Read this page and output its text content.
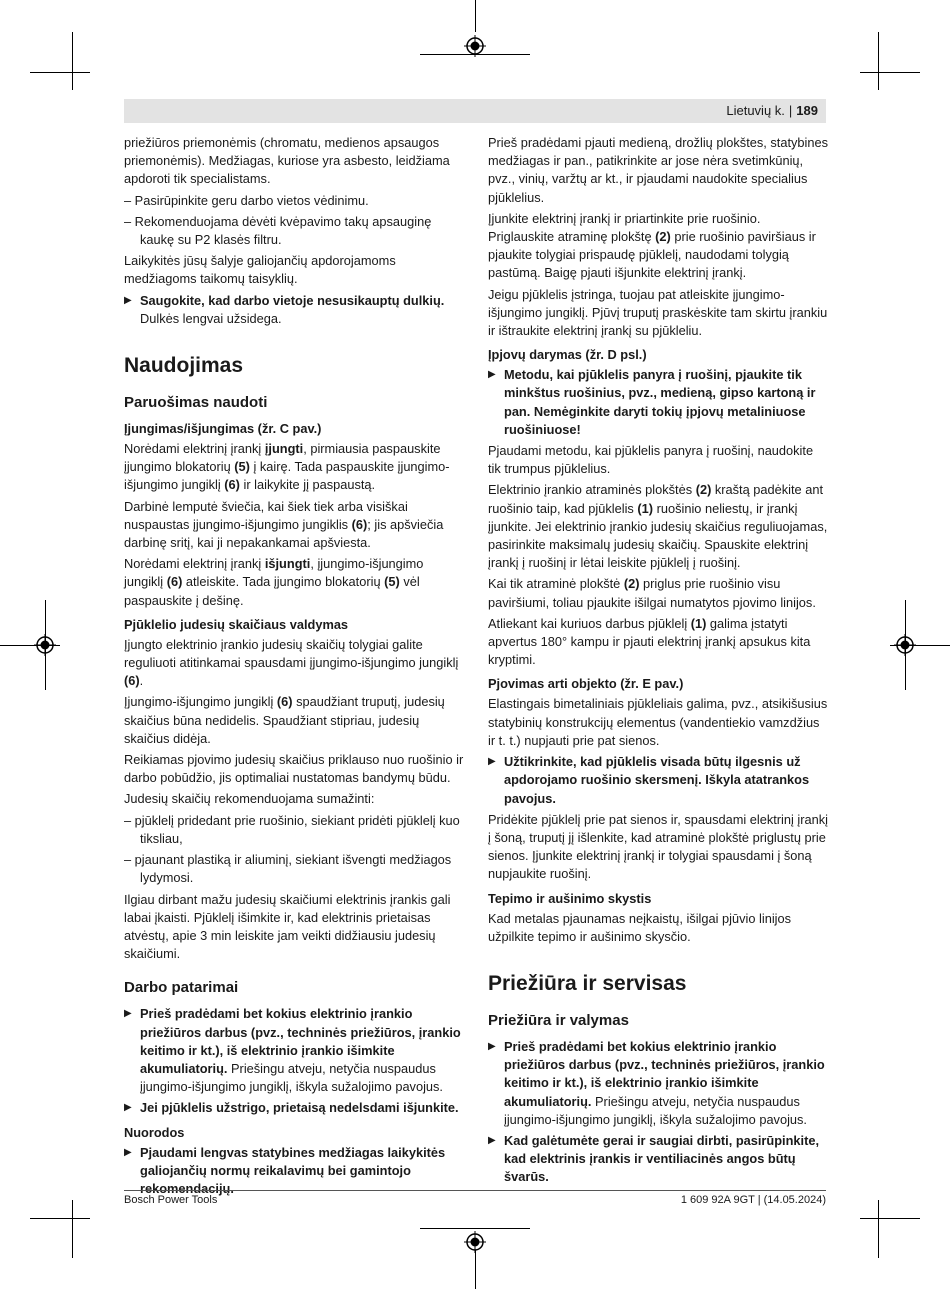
Lietuvių k. | 189

priežiūros priemonėmis (chromatu, medienos apsaugos priemonėmis). Medžiagas, kuriose yra asbesto, leidžiama apdoroti tik specialistams.

– Pasirūpinkite geru darbo vietos vėdinimu.

– Rekomenduojama dėvėti kvėpavimo takų apsauginę kaukę su P2 klasės filtru.

Laikykitės jūsų šalyje galiojančių apdorojamoms medžiagoms taikomų taisyklių.

▶ Saugokite, kad darbo vietoje nesusikauptų dulkių. Dulkės lengvai užsidega.

Naudojimas
Paruošimas naudoti
Įjungimas/išjungimas (žr. C pav.)

Norėdami elektrinį įrankį įjungti, pirmiausia paspauskite įjungimo blokatorių (5) į kairę. Tada paspauskite įjungimo-išjungimo jungiklį (6) ir laikykite jį paspaustą.

Darbinė lemputė šviečia, kai šiek tiek arba visiškai nuspaustas įjungimo-išjungimo jungiklis (6); jis apšviečia darbinę sritį, kai ji nepakankamai apšviesta.

Norėdami elektrinį įrankį išjungti, įjungimo-išjungimo jungiklį (6) atleiskite. Tada įjungimo blokatorių (5) vėl paspauskite į dešinę.

Pjūklelio judesių skaičiaus valdymas

Įjungto elektrinio įrankio judesių skaičių tolygiai galite reguliuoti atitinkamai spausdami įjungimo-išjungimo jungiklį (6).

Įjungimo-išjungimo jungiklį (6) spaudžiant truputį, judesių skaičius būna nedidelis. Spaudžiant stipriau, judesių skaičius didėja.

Reikiamas pjovimo judesių skaičius priklauso nuo ruošinio ir darbo pobūdžio, jis optimaliai nustatomas bandymų būdu.

Judesių skaičių rekomenduojama sumažinti:

– pjūklelį pridedant prie ruošinio, siekiant pridėti pjūklelį kuo tiksliau,

– pjaunant plastiką ir aliuminį, siekiant išvengti medžiagos lydymosi.

Ilgiau dirbant mažu judesių skaičiumi elektrinis įrankis gali labai įkaisti. Pjūklelį išimkite ir, kad elektrinis prietaisas atvėstų, apie 3 min leiskite jam veikti didžiausiu judesių skaičiumi.

Darbo patarimai

▶ Prieš pradėdami bet kokius elektrinio įrankio priežiūros darbus (pvz., techninės priežiūros, įrankio keitimo ir kt.), iš elektrinio įrankio išimkite akumuliatorių. Priešingu atveju, netyčia nuspaudus įjungimo-išjungimo jungiklį, iškyla sužalojimo pavojus.

▶ Jei pjūklelis užstrigo, prietaisą nedelsdami išjunkite.

Nuorodos

▶ Pjaudami lengvas statybines medžiagas laikykitės galiojančių normų reikalavimų bei gamintojo rekomendacijų.

Prieš pradėdami pjauti medieną, drožlių plokštes, statybines medžiagas ir pan., patikrinkite ar jose nėra svetimkūnių, pvz., vinių, varžtų ar kt., ir pjaudami naudokite specialius pjūklelius.

Įjunkite elektrinį įrankį ir priartinkite prie ruošinio. Priglauskite atraminę plokštę (2) prie ruošinio paviršiaus ir pjaukite tolygiai prispaudę pjūklelį, naudodami tolygią pastūmą. Baigę pjauti išjunkite elektrinį įrankį.

Jeigu pjūklelis įstringa, tuojau pat atleiskite įjungimo-išjungimo jungiklį. Pjūvį truputį praskėskite tam skirtu įrankiu ir ištraukite elektrinį įrankį su pjūkleliu.

Įpjovų darymas (žr. D psl.)

▶ Metodu, kai pjūklelis panyra į ruošinį, pjaukite tik minkštus ruošinius, pvz., medieną, gipso kartoną ir pan. Nemėginkite daryti tokių įpjovų metaliniuose ruošiniuose!

Pjaudami metodu, kai pjūklelis panyra į ruošinį, naudokite tik trumpus pjūklelius.

Elektrinio įrankio atraminės plokštės (2) kraštą padėkite ant ruošinio taip, kad pjūklelis (1) ruošinio neliestų, ir įrankį įjunkite. Jei elektrinio įrankio judesių skaičius reguliuojamas, pasirinkite maksimalų judesių skaičių. Spauskite elektrinį įrankį į ruošinį ir lėtai leiskite pjūklelį į ruošinį.

Kai tik atraminė plokštė (2) priglus prie ruošinio visu paviršiumi, toliau pjaukite išilgai numatytos pjovimo linijos.

Atliekant kai kuriuos darbus pjūklelį (1) galima įstatyti apvertus 180° kampu ir pjauti elektrinį įrankį apsukus kita kryptimi.

Pjovimas arti objekto (žr. E pav.)

Elastingais bimetaliniais pjūkleliais galima, pvz., atsikišusius statybinių konstrukcijų elementus (vandentiekio vamzdžius ir t. t.) nupjauti prie pat sienos.

▶ Užtikrinkite, kad pjūklelis visada būtų ilgesnis už apdorojamo ruošinio skersmenį. Iškyla atatrankos pavojus.

Pridėkite pjūklelį prie pat sienos ir, spausdami elektrinį įrankį į šoną, truputį jį išlenkite, kad atraminė plokštė priglustų prie sienos. Įjunkite elektrinį įrankį ir tolygiai spausdami į šoną nupjaukite ruošinį.

Tepimo ir aušinimo skystis

Kad metalas pjaunamas neįkaistų, išilgai pjūvio linijos užpilkite tepimo ir aušinimo skysčio.

Priežiūra ir servisas
Priežiūra ir valymas

▶ Prieš pradėdami bet kokius elektrinio įrankio priežiūros darbus (pvz., techninės priežiūros, įrankio keitimo ir kt.), iš elektrinio įrankio išimkite akumuliatorių. Priešingu atveju, netyčia nuspaudus įjungimo-išjungimo jungiklį, iškyla sužalojimo pavojus.

▶ Kad galėtumėte gerai ir saugiai dirbti, pasirūpinkite, kad elektrinis įrankis ir ventiliacinės angos būtų švarūs.

Bosch Power Tools	1 609 92A 9GT | (14.05.2024)
